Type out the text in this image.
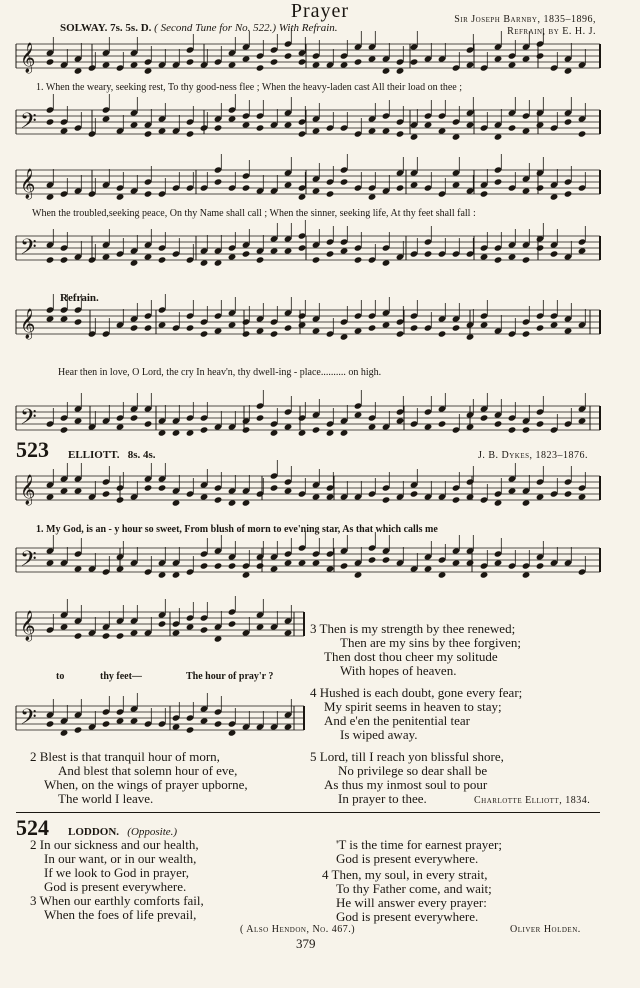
Prayer
SOLWAY. 7s. 5s. D. ( Second Tune for No. 522.) With Refrain.
Sir Joseph Barnby, 1835–1896,
Refrain, by E. H. J.
𝄞
𝄢
𝄞
𝄢
𝄞
𝄢
𝄞
𝄢
𝄞
𝄢
1. When the weary, seeking rest, To thy good-ness flee ; When the heavy-laden cast All their load on thee ;
When the troubled,seeking peace, On thy Name shall call ; When the sinner, seeking life, At thy feet shall fall :
Refrain.
Hear then in love, O Lord, the cry In heav'n, thy dwell-ing - place.......... on high.
523 ELLIOTT. 8s. 4s.	J. B. Dykes, 1823–1876.
1. My God, is an - y hour so sweet, From blush of morn to eve'ning star, As that which calls me
to	thy feet—	The hour of pray'r ?
3 Then is my strength by thee renewed;
Then are my sins by thee forgiven;
Then dost thou cheer my solitude
With hopes of heaven.
4 Hushed is each doubt, gone every fear;
My spirit seems in heaven to stay;
And e'en the penitential tear
Is wiped away.
2 Blest is that tranquil hour of morn,
And blest that solemn hour of eve,
When, on the wings of prayer upborne,
The world I leave.
5 Lord, till I reach yon blissful shore,
No privilege so dear shall be
As thus my inmost soul to pour
In prayer to thee.	Charlotte Elliott, 1834.
524 LODDON. (Opposite.)
2 In our sickness and our health,
In our want, or in our wealth,
If we look to God in prayer,
God is present everywhere.
3 When our earthly comforts fail,
When the foes of life prevail,
'T is the time for earnest prayer;
God is present everywhere.
4 Then, my soul, in every strait,
To thy Father come, and wait;
He will answer every prayer:
God is present everywhere.
( Also Hendon, No. 467.)	Oliver Holden.
379
